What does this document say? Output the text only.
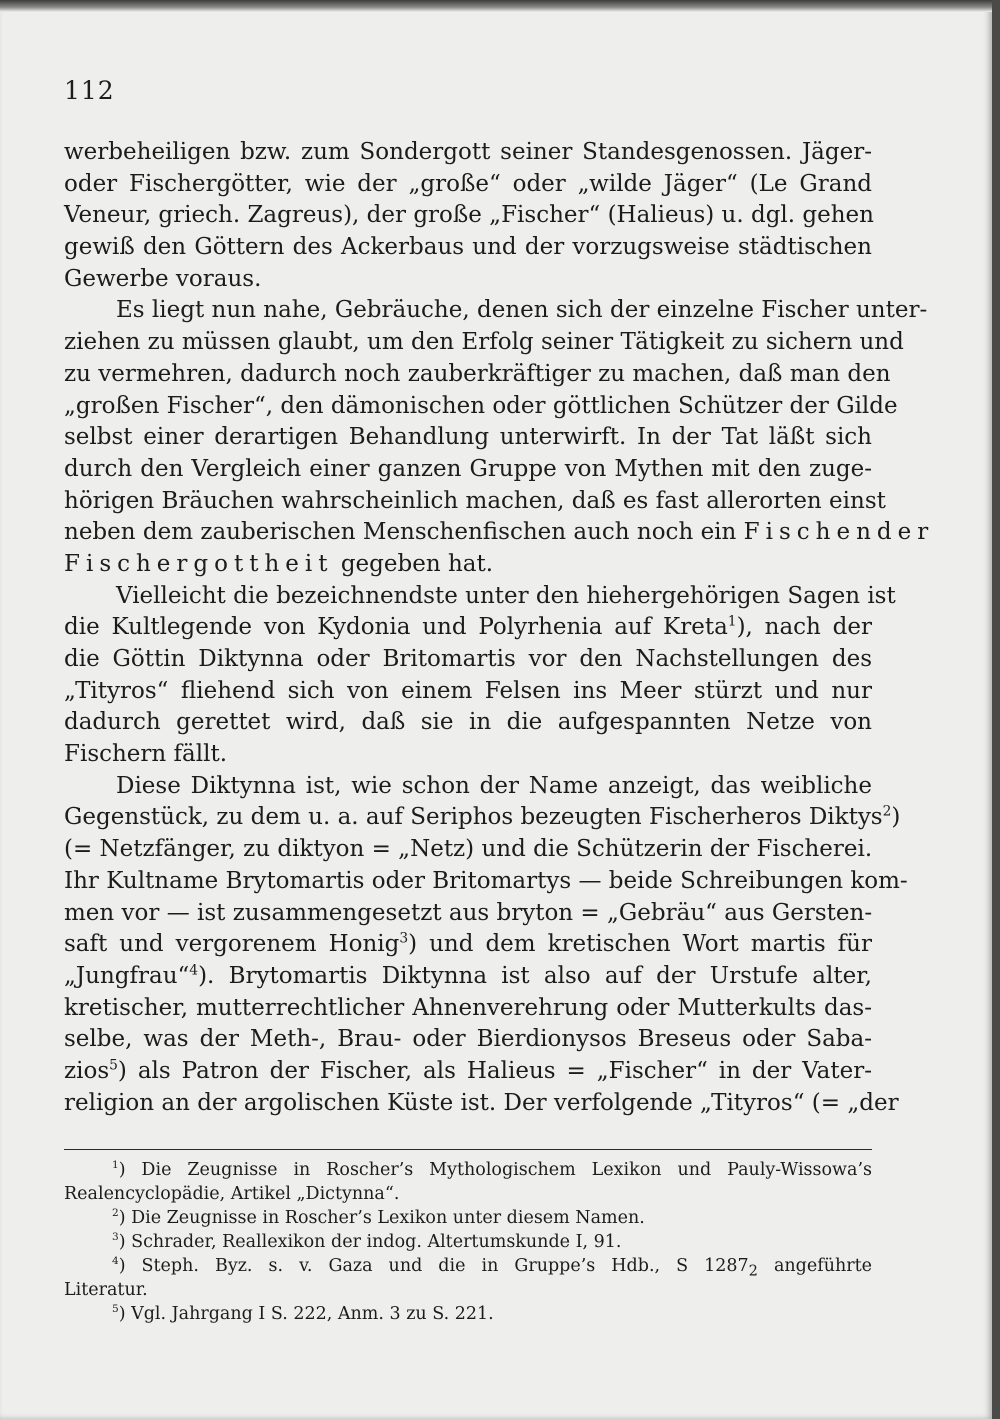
112
werbeheiligen bzw. zum Sondergott seiner Standesgenossen. Jäger-
oder Fischergötter, wie der „große“ oder „wilde Jäger“ (Le Grand
Veneur, griech. Zagreus), der große „Fischer“ (Halieus) u. dgl. gehen
gewiß den Göttern des Ackerbaus und der vorzugsweise städtischen
Gewerbe voraus.
Es liegt nun nahe, Gebräuche, denen sich der einzelne Fischer unter-
ziehen zu müssen glaubt, um den Erfolg seiner Tätigkeit zu sichern und
zu vermehren, dadurch noch zauberkräftiger zu machen, daß man den
„großen Fischer“, den dämonischen oder göttlichen Schützer der Gilde
selbst einer derartigen Behandlung unterwirft. In der Tat läßt sich
durch den Vergleich einer ganzen Gruppe von Mythen mit den zuge-
hörigen Bräuchen wahrscheinlich machen, daß es fast allerorten einst
neben dem zauberischen Menschenfischen auch noch ein Fischender
Fischergottheit gegeben hat.
Vielleicht die bezeichnendste unter den hiehergehörigen Sagen ist
die Kultlegende von Kydonia und Polyrhenia auf Kreta$^1$), nach der
die Göttin Diktynna oder Britomartis vor den Nachstellungen des
„Tityros“ fliehend sich von einem Felsen ins Meer stürzt und nur
dadurch gerettet wird, daß sie in die aufgespannten Netze von
Fischern fällt.
Diese Diktynna ist, wie schon der Name anzeigt, das weibliche
Gegenstück, zu dem u. a. auf Seriphos bezeugten Fischerheros Diktys$^2$)
(= Netzfänger, zu diktyon = „Netz) und die Schützerin der Fischerei.
Ihr Kultname Brytomartis oder Britomartys — beide Schreibungen kom-
men vor — ist zusammengesetzt aus bryton = „Gebräu“ aus Gersten-
saft und vergorenem Honig$^3$) und dem kretischen Wort martis für
„Jungfrau“$^4$). Brytomartis Diktynna ist also auf der Urstufe alter,
kretischer, mutterrechtlicher Ahnenverehrung oder Mutterkults das-
selbe, was der Meth-, Brau- oder Bierdionysos Breseus oder Saba-
zios$^5$) als Patron der Fischer, als Halieus = „Fischer“ in der Vater-
religion an der argolischen Küste ist. Der verfolgende „Tityros“ (= „der
$^1$) Die Zeugnisse in Roscher’s Mythologischem Lexikon und Pauly-Wissowa’s
Realencyclopädie, Artikel „Dictynna“.
$^2$) Die Zeugnisse in Roscher’s Lexikon unter diesem Namen.
$^3$) Schrader, Reallexikon der indog. Altertumskunde I, 91.
$^4$) Steph. Byz. s. v. Gaza und die in Gruppe’s Hdb., S $1287_2$ angeführte
Literatur.
$^5$) Vgl. Jahrgang I S. 222, Anm. 3 zu S. 221.
